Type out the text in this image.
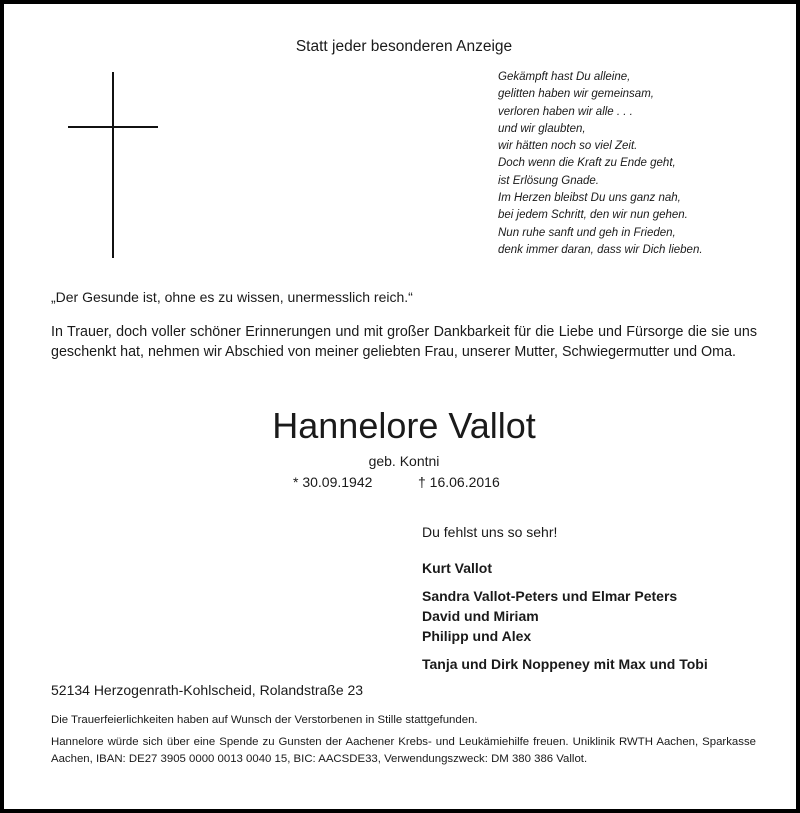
Statt jeder besonderen Anzeige
Gekämpft hast Du alleine,
gelitten haben wir gemeinsam,
verloren haben wir alle . . .
und wir glaubten,
wir hätten noch so viel Zeit.
Doch wenn die Kraft zu Ende geht,
ist Erlösung Gnade.
Im Herzen bleibst Du uns ganz nah,
bei jedem Schritt, den wir nun gehen.
Nun ruhe sanft und geh in Frieden,
denk immer daran, dass wir Dich lieben.
„Der Gesunde ist, ohne es zu wissen, unermesslich reich.“
In Trauer, doch voller schöner Erinnerungen und mit großer Dankbarkeit für die Liebe und Fürsorge die sie uns geschenkt hat, nehmen wir Abschied von meiner geliebten Frau, unserer Mutter, Schwiegermutter und Oma.
Hannelore Vallot
geb. Kontni
* 30.09.1942	† 16.06.2016
Du fehlst uns so sehr!
Kurt Vallot
Sandra Vallot-Peters und Elmar Peters
David und Miriam
Philipp und Alex
Tanja und Dirk Noppeney mit Max und Tobi
52134 Herzogenrath-Kohlscheid, Rolandstraße 23
Die Trauerfeierlichkeiten haben auf Wunsch der Verstorbenen in Stille stattgefunden.
Hannelore würde sich über eine Spende zu Gunsten der Aachener Krebs- und Leukämiehilfe freuen. Uniklinik RWTH Aachen, Sparkasse Aachen, IBAN: DE27 3905 0000 0013 0040 15, BIC: AACSDE33, Verwendungszweck: DM 380 386 Vallot.
